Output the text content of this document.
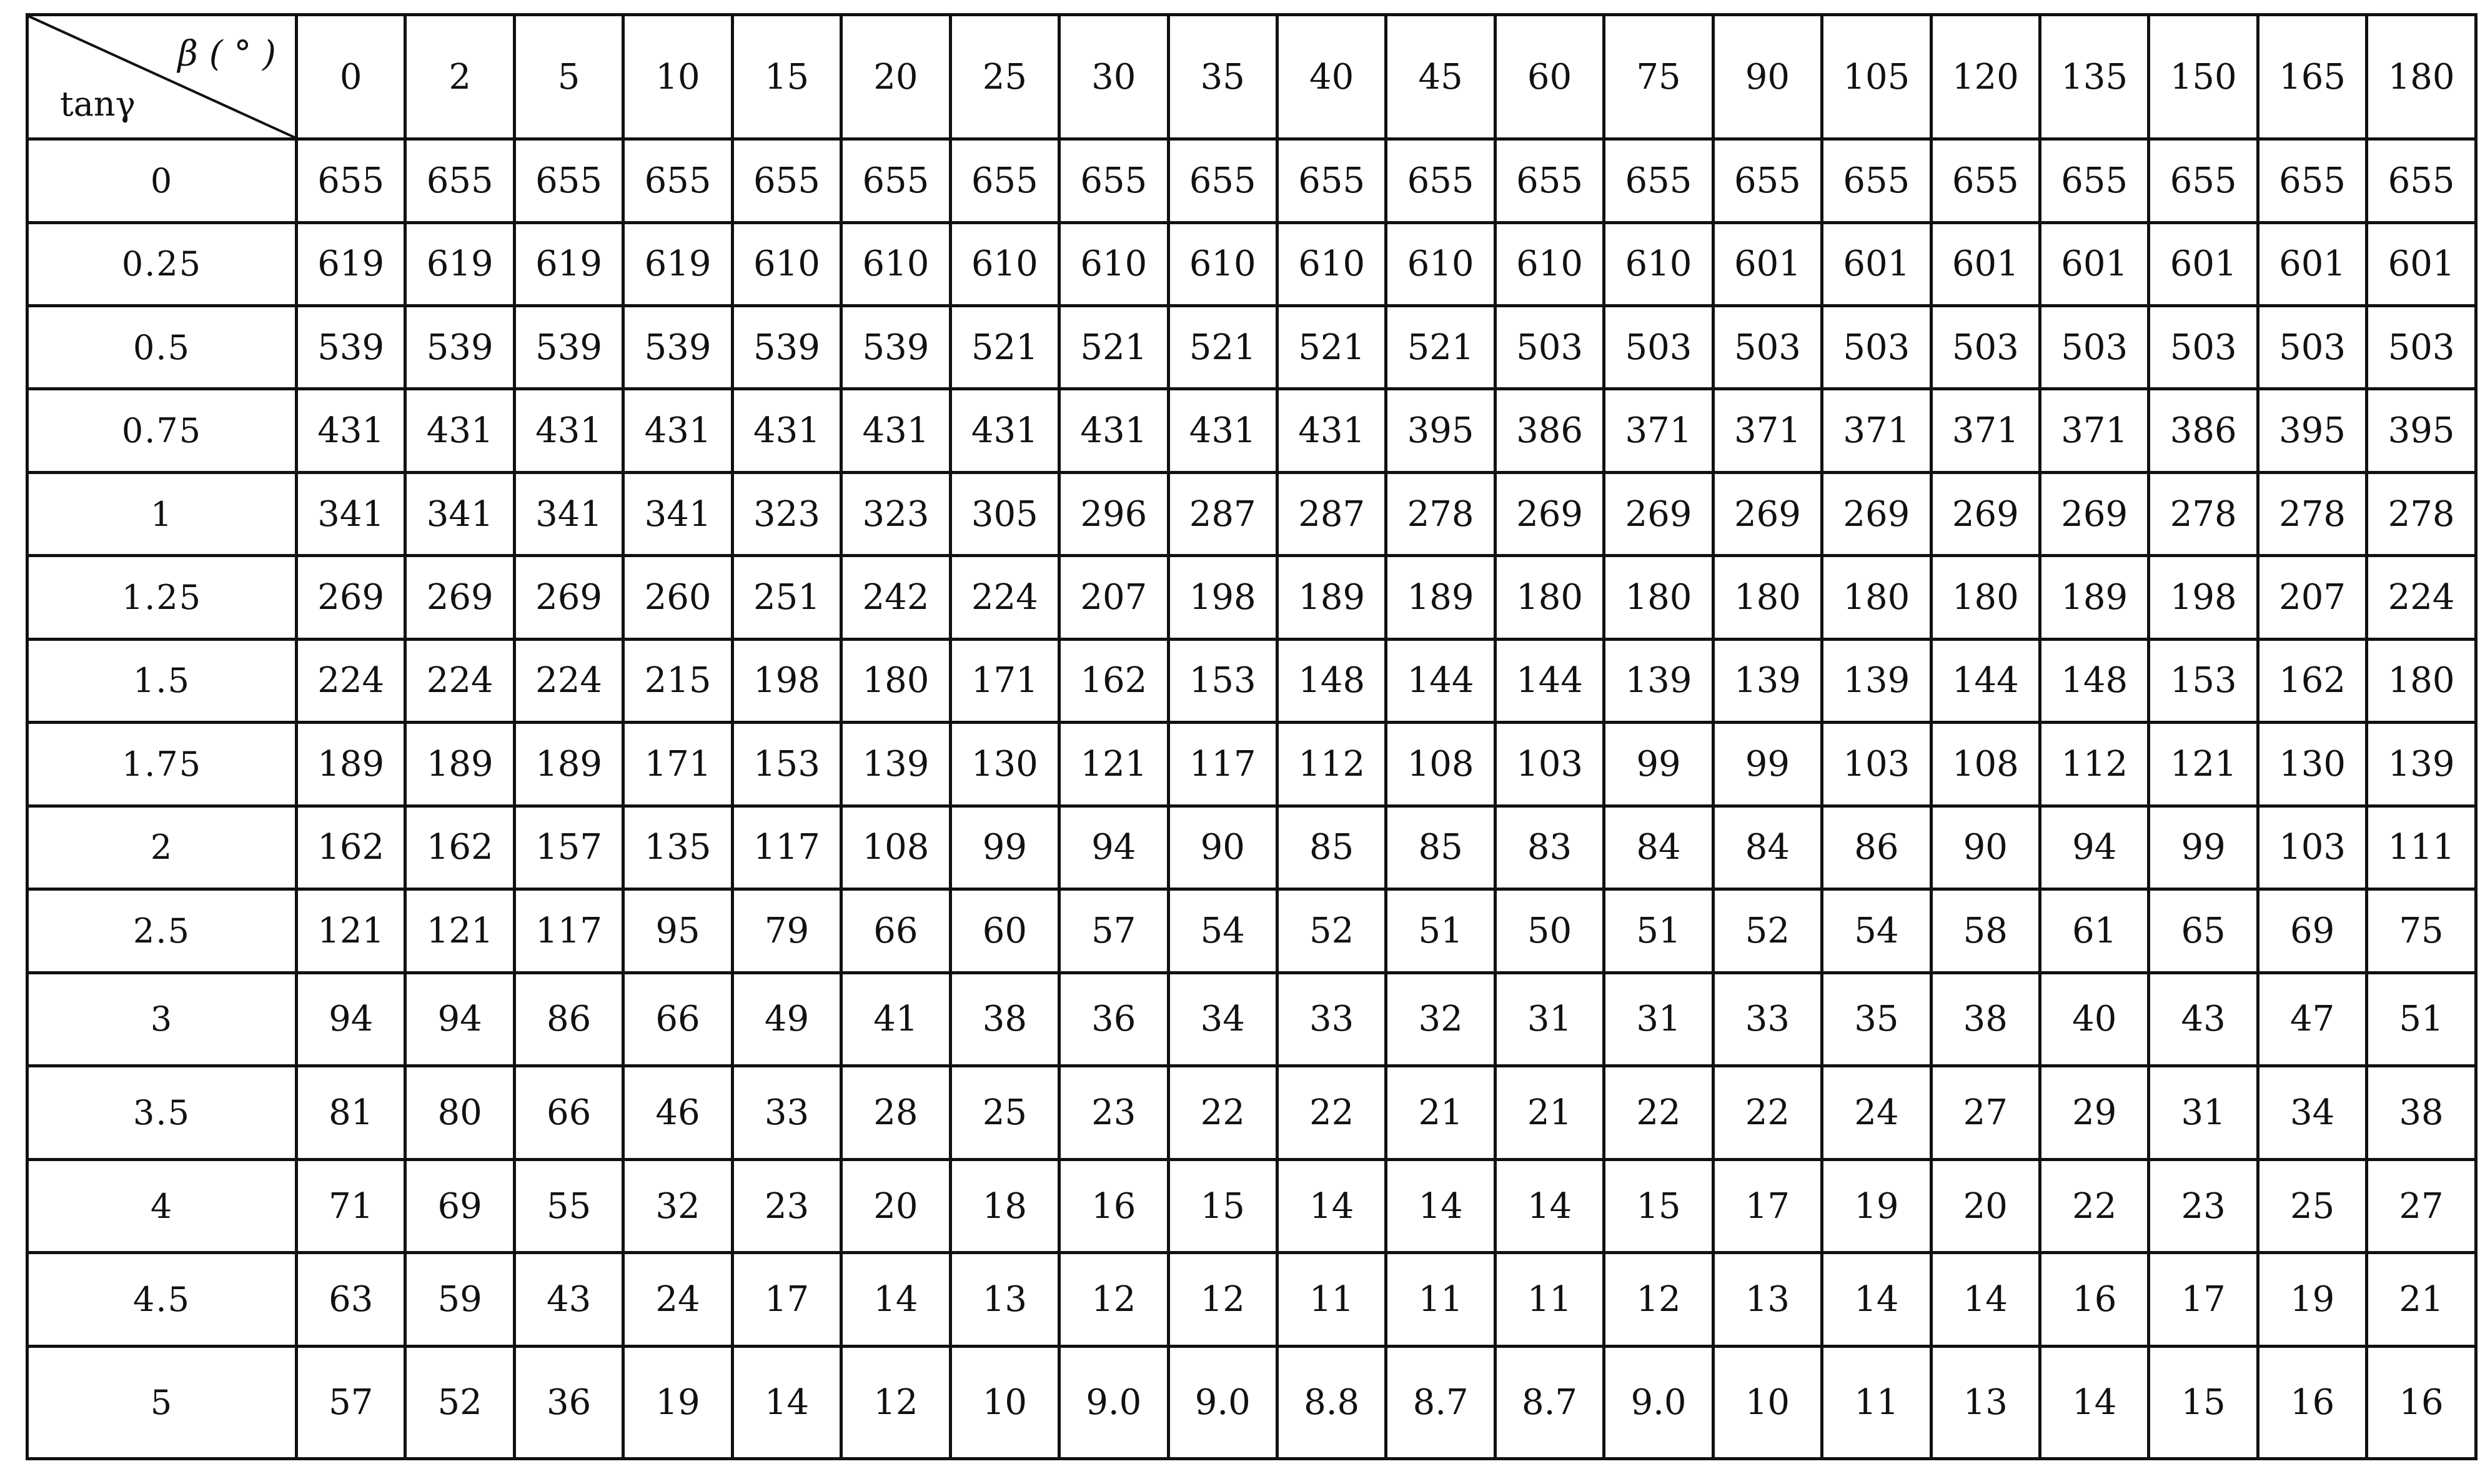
β ( ° )
tanγ	0	2	5	10	15	20	25	30	35	40	45	60	75	90	105	120	135	150	165	180
0	655	655	655	655	655	655	655	655	655	655	655	655	655	655	655	655	655	655	655	655
0.25	619	619	619	619	610	610	610	610	610	610	610	610	610	601	601	601	601	601	601	601
0.5	539	539	539	539	539	539	521	521	521	521	521	503	503	503	503	503	503	503	503	503
0.75	431	431	431	431	431	431	431	431	431	431	395	386	371	371	371	371	371	386	395	395
1	341	341	341	341	323	323	305	296	287	287	278	269	269	269	269	269	269	278	278	278
1.25	269	269	269	260	251	242	224	207	198	189	189	180	180	180	180	180	189	198	207	224
1.5	224	224	224	215	198	180	171	162	153	148	144	144	139	139	139	144	148	153	162	180
1.75	189	189	189	171	153	139	130	121	117	112	108	103	99	99	103	108	112	121	130	139
2	162	162	157	135	117	108	99	94	90	85	85	83	84	84	86	90	94	99	103	111
2.5	121	121	117	95	79	66	60	57	54	52	51	50	51	52	54	58	61	65	69	75
3	94	94	86	66	49	41	38	36	34	33	32	31	31	33	35	38	40	43	47	51
3.5	81	80	66	46	33	28	25	23	22	22	21	21	22	22	24	27	29	31	34	38
4	71	69	55	32	23	20	18	16	15	14	14	14	15	17	19	20	22	23	25	27
4.5	63	59	43	24	17	14	13	12	12	11	11	11	12	13	14	14	16	17	19	21
5	57	52	36	19	14	12	10	9.0	9.0	8.8	8.7	8.7	9.0	10	11	13	14	15	16	16
